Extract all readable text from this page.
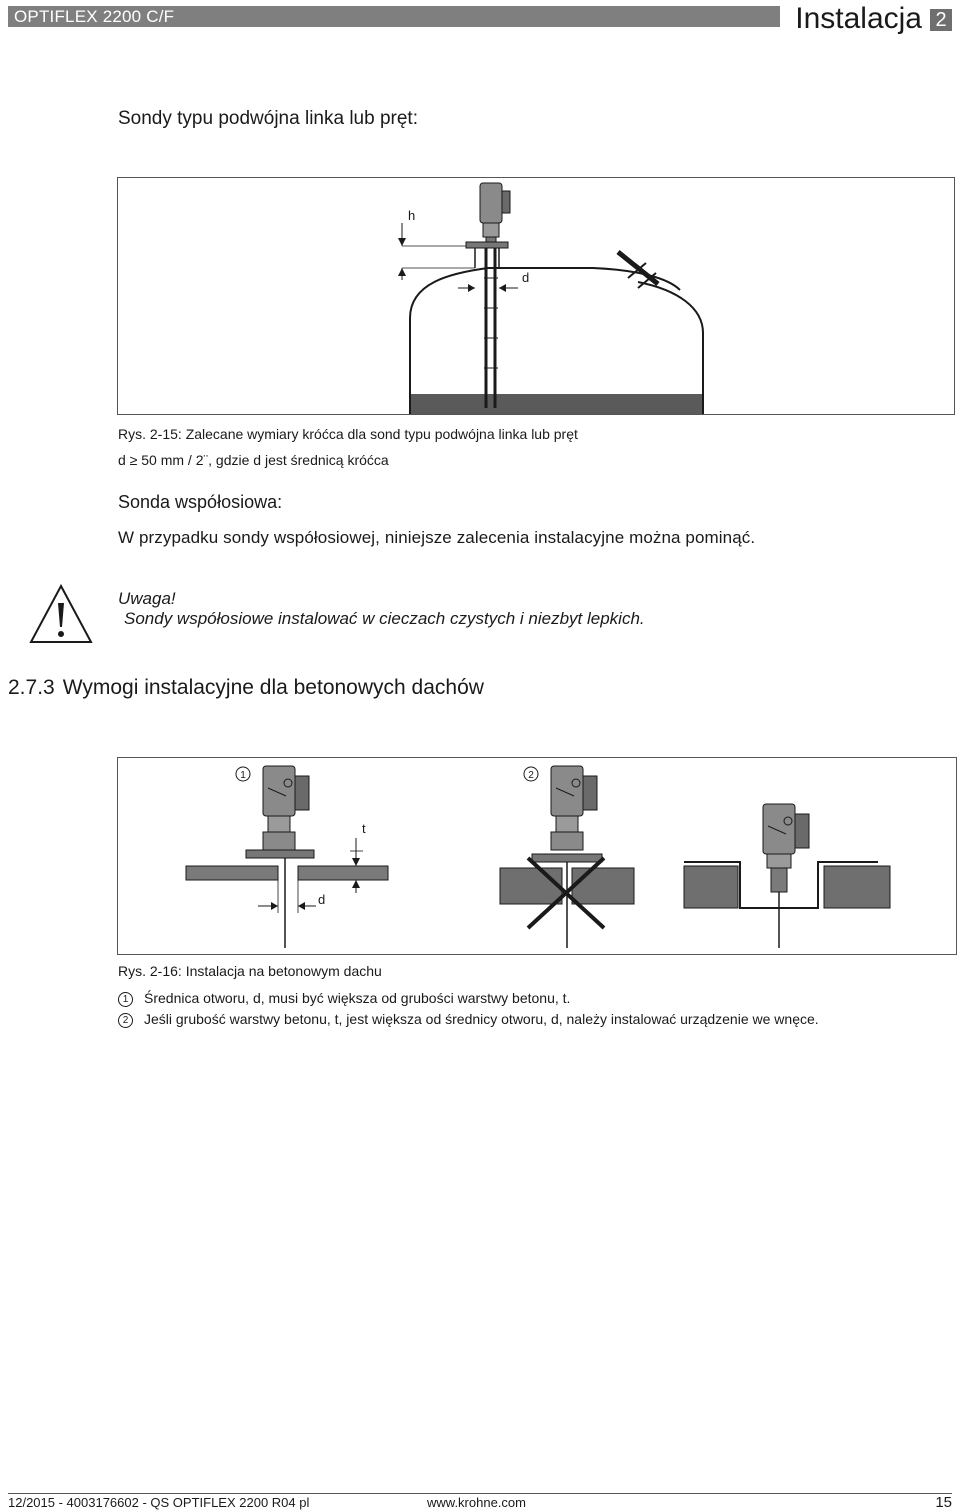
OPTIFLEX 2200 C/F	Instalacja 2
Sondy typu podwójna linka lub pręt:
h
d
Rys. 2-15: Zalecane wymiary króćca dla sond typu podwójna linka lub pręt
d ≥ 50 mm / 2¨, gdzie d jest średnicą króćca
Sonda współosiowa:
W przypadku sondy współosiowej, niniejsze zalecenia instalacyjne można pominąć.
Uwaga!
Sondy współosiowe instalować w cieczach czystych i niezbyt lepkich.
2.7.3 Wymogi instalacyjne dla betonowych dachów
1
t
d
2
Rys. 2-16: Instalacja na betonowym dachu
1 Średnica otworu, d, musi być większa od grubości warstwy betonu, t.
2 Jeśli grubość warstwy betonu, t, jest większa od średnicy otworu, d, należy instalować urządzenie we wnęce.
12/2015 - 4003176602 - QS OPTIFLEX 2200 R04 pl	www.krohne.com	15
